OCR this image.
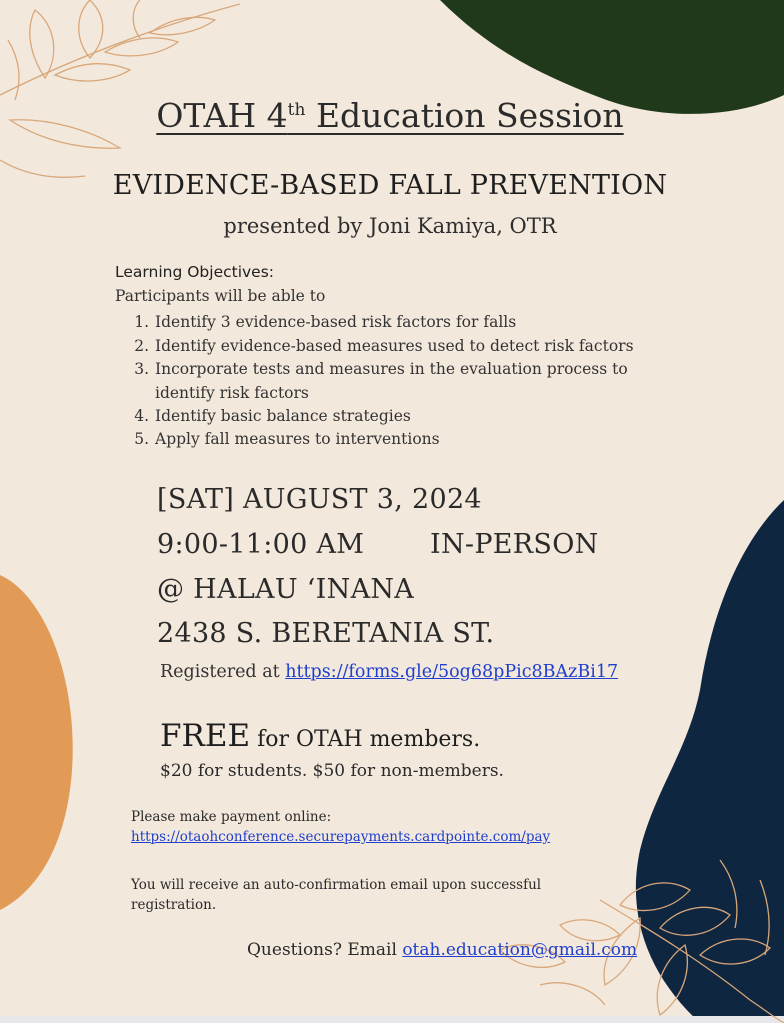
OTAH 4th Education Session
EVIDENCE-BASED FALL PREVENTION
presented by Joni Kamiya, OTR
Learning Objectives:
Participants will be able to
1. Identify 3 evidence-based risk factors for falls
2. Identify evidence-based measures used to detect risk factors
3. Incorporate tests and measures in the evaluation process to
identify risk factors
4. Identify basic balance strategies
5. Apply fall measures to interventions
[SAT] AUGUST 3, 2024
9:00-11:00 AM IN-PERSON
@ HALAU ‘INANA
2438 S. BERETANIA ST.
Registered at https://forms.gle/5og68pPic8BAzBi17
FREE for OTAH members.
$20 for students. $50 for non-members.
Please make payment online:
https://otaohconference.securepayments.cardpointe.com/pay
You will receive an auto-confirmation email upon successful
registration.
Questions? Email otah.education@gmail.com
